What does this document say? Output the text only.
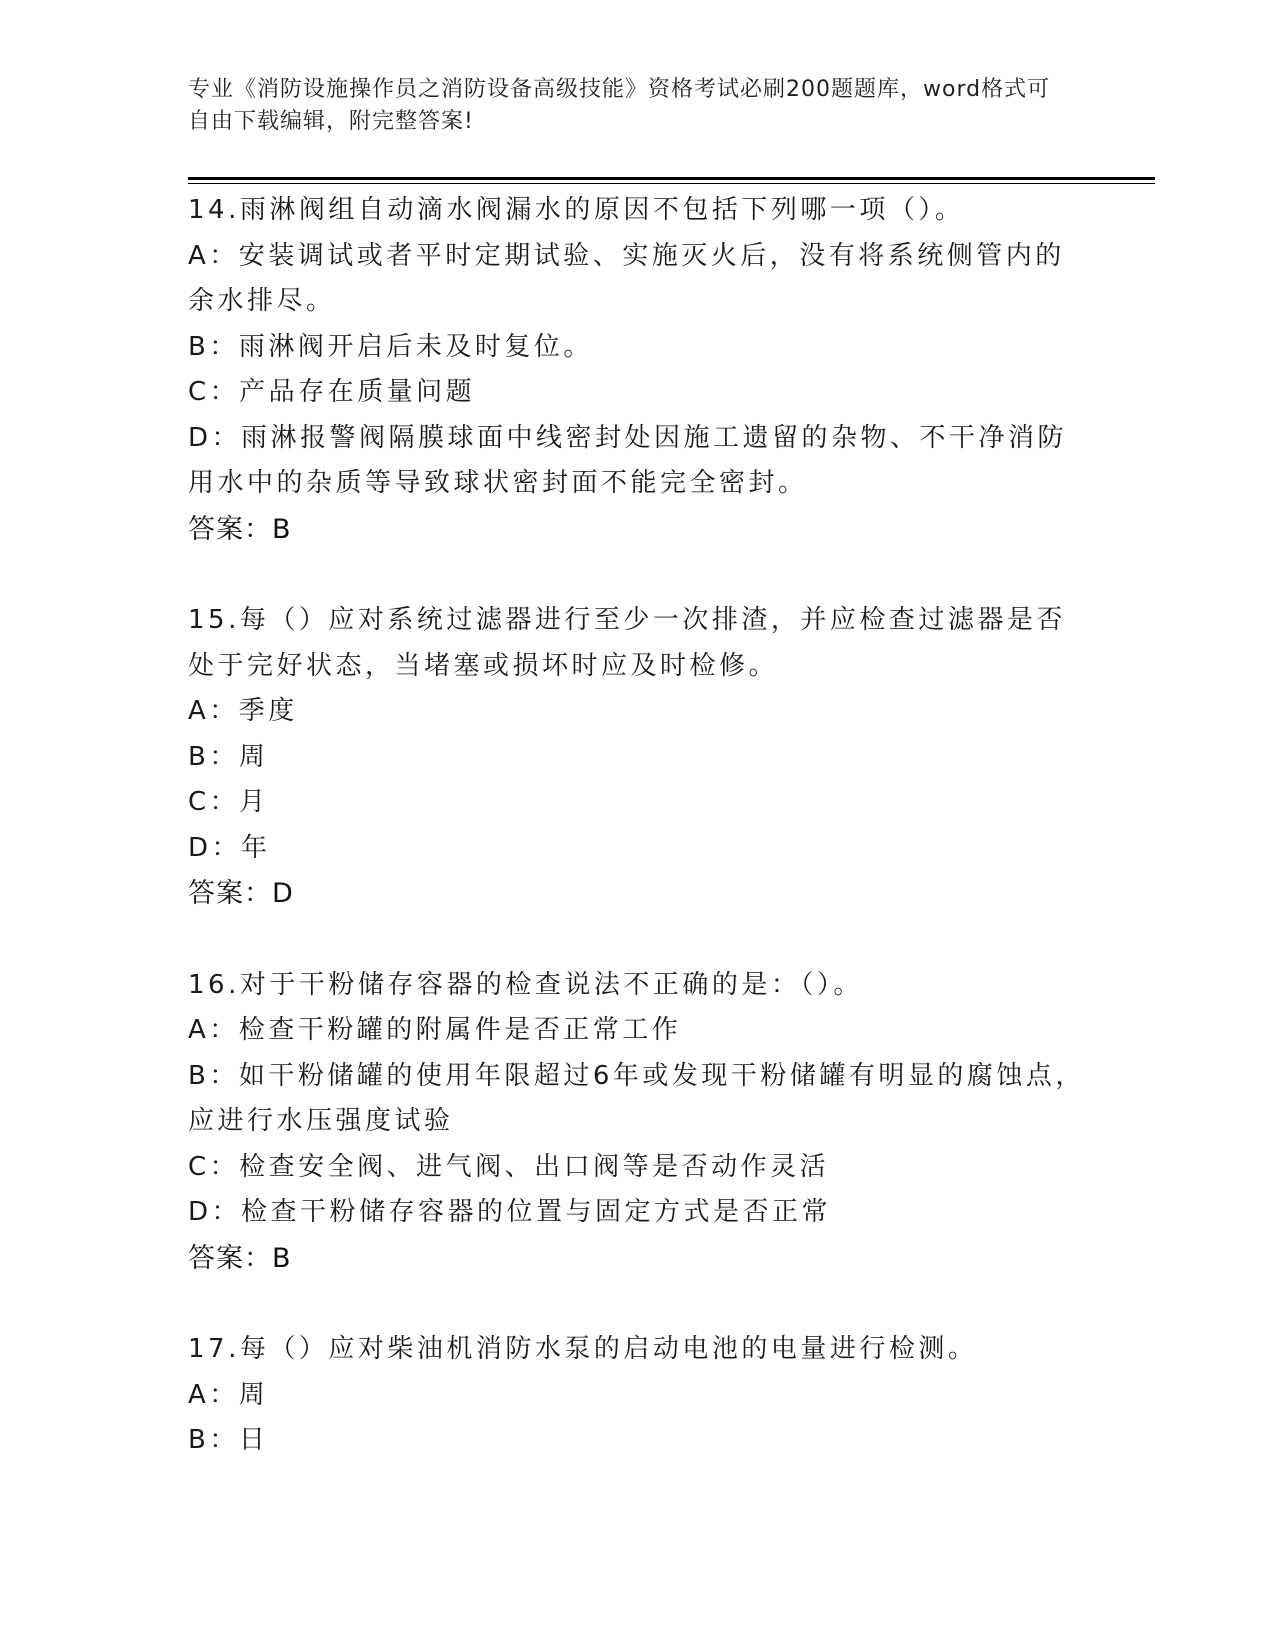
专业《消防设施操作员之消防设备高级技能》资格考试必刷200题题库，word格式可自由下载编辑，附完整答案!
14.雨淋阀组自动滴水阀漏水的原因不包括下列哪一项（）。
A：安装调试或者平时定期试验、实施灭火后，没有将系统侧管内的余水排尽。
B：雨淋阀开启后未及时复位。
C：产品存在质量问题
D：雨淋报警阀隔膜球面中线密封处因施工遗留的杂物、不干净消防用水中的杂质等导致球状密封面不能完全密封。
答案：B
15.每（）应对系统过滤器进行至少一次排渣，并应检查过滤器是否处于完好状态，当堵塞或损坏时应及时检修。
A：季度
B：周
C：月
D：年
答案：D
16.对于干粉储存容器的检查说法不正确的是：（）。
A：检查干粉罐的附属件是否正常工作
B：如干粉储罐的使用年限超过6年或发现干粉储罐有明显的腐蚀点，应进行水压强度试验
C：检查安全阀、进气阀、出口阀等是否动作灵活
D：检查干粉储存容器的位置与固定方式是否正常
答案：B
17.每（）应对柴油机消防水泵的启动电池的电量进行检测。
A：周
B：日
